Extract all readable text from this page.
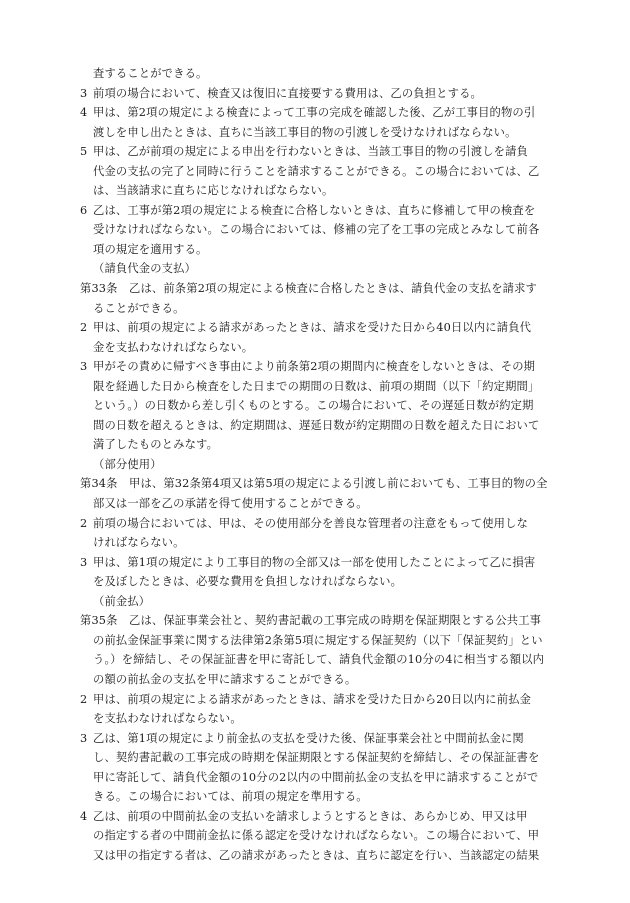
査することができる。
3 前項の場合において、検査又は復旧に直接要する費用は、乙の負担とする。
4 甲は、第2項の規定による検査によって工事の完成を確認した後、乙が工事目的物の引
渡しを申し出たときは、直ちに当該工事目的物の引渡しを受けなければならない。
5 甲は、乙が前項の規定による申出を行わないときは、当該工事目的物の引渡しを請負
代金の支払の完了と同時に行うことを請求することができる。この場合においては、乙
は、当該請求に直ちに応じなければならない。
6 乙は、工事が第2項の規定による検査に合格しないときは、直ちに修補して甲の検査を
受けなければならない。この場合においては、修補の完了を工事の完成とみなして前各
項の規定を適用する。
（請負代金の支払）
第33条　乙は、前条第2項の規定による検査に合格したときは、請負代金の支払を請求す
ることができる。
2 甲は、前項の規定による請求があったときは、請求を受けた日から40日以内に請負代
金を支払わなければならない。
3 甲がその責めに帰すべき事由により前条第2項の期間内に検査をしないときは、その期
限を経過した日から検査をした日までの期間の日数は、前項の期間（以下「約定期間」
という。）の日数から差し引くものとする。この場合において、その遅延日数が約定期
間の日数を超えるときは、約定期間は、遅延日数が約定期間の日数を超えた日において
満了したものとみなす。
（部分使用）
第34条　甲は、第32条第4項又は第5項の規定による引渡し前においても、工事目的物の全
部又は一部を乙の承諾を得て使用することができる。
2 前項の場合においては、甲は、その使用部分を善良な管理者の注意をもって使用しな
ければならない。
3 甲は、第1項の規定により工事目的物の全部又は一部を使用したことによって乙に損害
を及ぼしたときは、必要な費用を負担しなければならない。
（前金払）
第35条　乙は、保証事業会社と、契約書記載の工事完成の時期を保証期限とする公共工事
の前払金保証事業に関する法律第2条第5項に規定する保証契約（以下「保証契約」とい
う。）を締結し、その保証証書を甲に寄託して、請負代金額の10分の4に相当する額以内
の額の前払金の支払を甲に請求することができる。
2 甲は、前項の規定による請求があったときは、請求を受けた日から20日以内に前払金
を支払わなければならない。
3 乙は、第1項の規定により前金払の支払を受けた後、保証事業会社と中間前払金に関
し、契約書記載の工事完成の時期を保証期限とする保証契約を締結し、その保証証書を
甲に寄託して、請負代金額の10分の2以内の中間前払金の支払を甲に請求することがで
きる。この場合においては、前項の規定を準用する。
4 乙は、前項の中間前払金の支払いを請求しようとするときは、あらかじめ、甲又は甲
の指定する者の中間前金払に係る認定を受けなければならない。この場合において、甲
又は甲の指定する者は、乙の請求があったときは、直ちに認定を行い、当該認定の結果
